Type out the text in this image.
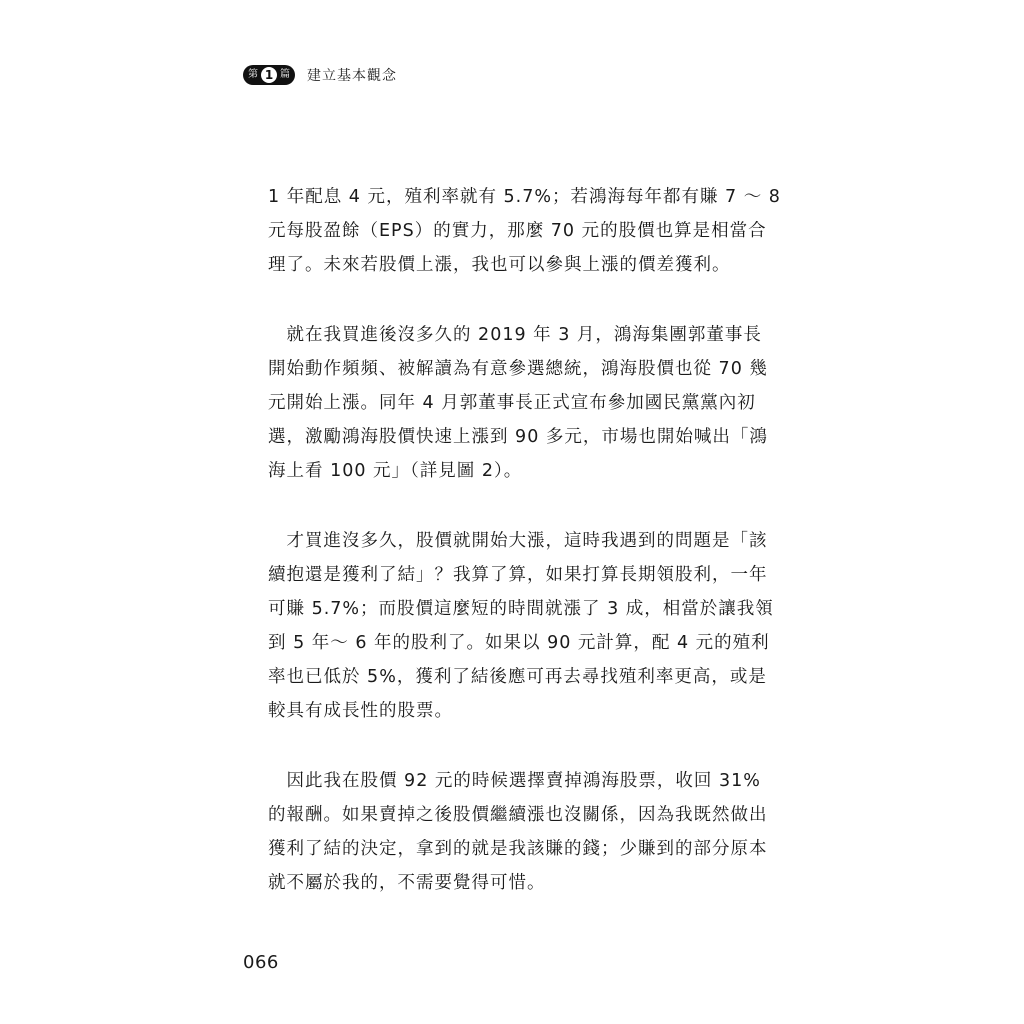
第 1 篇 建立基本觀念

1 年配息 4 元，殖利率就有 5.7%；若鴻海每年都有賺 7 ～ 8
元每股盈餘（EPS）的實力，那麼 70 元的股價也算是相當合
理了。未來若股價上漲，我也可以參與上漲的價差獲利。

　就在我買進後沒多久的 2019 年 3 月，鴻海集團郭董事長
開始動作頻頻、被解讀為有意參選總統，鴻海股價也從 70 幾
元開始上漲。同年 4 月郭董事長正式宣布參加國民黨黨內初
選，激勵鴻海股價快速上漲到 90 多元，市場也開始喊出「鴻
海上看 100 元」（詳見圖 2）。

　才買進沒多久，股價就開始大漲，這時我遇到的問題是「該
續抱還是獲利了結」？我算了算，如果打算長期領股利，一年
可賺 5.7%；而股價這麼短的時間就漲了 3 成，相當於讓我領
到 5 年～ 6 年的股利了。如果以 90 元計算，配 4 元的殖利
率也已低於 5%，獲利了結後應可再去尋找殖利率更高，或是
較具有成長性的股票。

　因此我在股價 92 元的時候選擇賣掉鴻海股票，收回 31%
的報酬。如果賣掉之後股價繼續漲也沒關係，因為我既然做出
獲利了結的決定，拿到的就是我該賺的錢；少賺到的部分原本
就不屬於我的，不需要覺得可惜。

066
